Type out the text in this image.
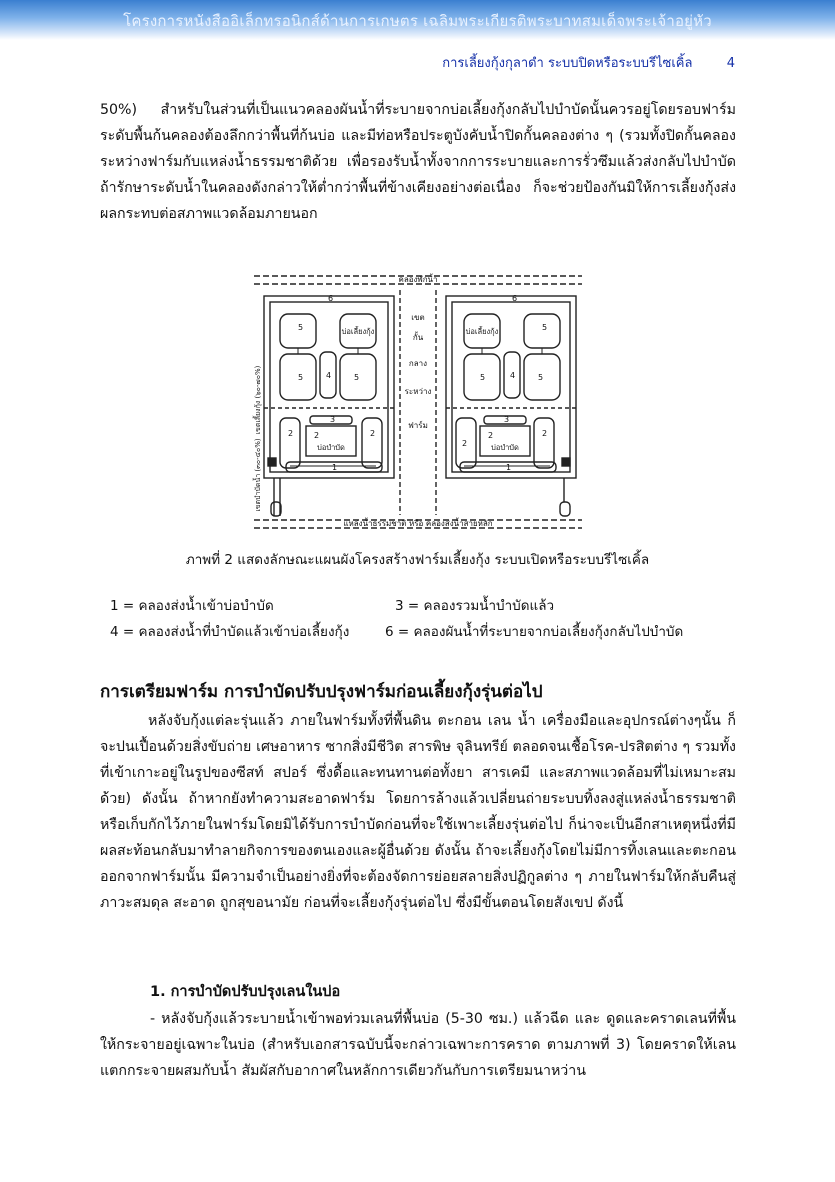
โครงการหนังสืออิเล็กทรอนิกส์ด้านการเกษตร เฉลิมพระเกียรติพระบาทสมเด็จพระเจ้าอยู่หัว
การเลี้ยงกุ้งกุลาดำ ระบบปิดหรือระบบรีไซเคิ้ล	4

50%) สำหรับในส่วนที่เป็นแนวคลองผันน้ำที่ระบายจากบ่อเลี้ยงกุ้งกลับไปบำบัดนั้นควรอยู่โดยรอบฟาร์ม ระดับพื้นก้นคลองต้องลึกกว่าพื้นที่ก้นบ่อ และมีท่อหรือประตูบังคับน้ำปิดกั้นคลองต่าง ๆ (รวมทั้งปิดกั้นคลองระหว่างฟาร์มกับแหล่งน้ำธรรมชาติด้วย เพื่อรองรับน้ำทั้งจากการระบายและการรั่วซึมแล้วส่งกลับไปบำบัด ถ้ารักษาระดับน้ำในคลองดังกล่าวให้ต่ำกว่าพื้นที่ข้างเคียงอย่างต่อเนื่อง ก็จะช่วยป้องกันมิให้การเลี้ยงกุ้งส่งผลกระทบต่อสภาพแวดล้อมภายนอก

คลองพักน้ำ
แหล่งน้ำธรรมชาติ หรือ คลองส่งน้ำสายหลัก
เขต
กั้น
กลาง
ระหว่าง
ฟาร์ม
เขตเลี้ยงกุ้ง (๖๐-๗๐%)
เขตบำบัดน้ำ (๓๐-๔๐%)
บ่อเลี้ยงกุ้ง	บ่อเลี้ยงกุ้ง
บ่อบำบัด	บ่อบำบัด
5
5	5
4
6
2	2
2
3
1
5
5	5
4
6
2
2
2
3
1
ภาพที่ 2 แสดงลักษณะแผนผังโครงสร้างฟาร์มเลี้ยงกุ้ง ระบบเปิดหรือระบบรีไซเคิ้ล
1 = คลองส่งน้ำเข้าบ่อบำบัด	3 = คลองรวมน้ำบำบัดแล้ว
4 = คลองส่งน้ำที่บำบัดแล้วเข้าบ่อเลี้ยงกุ้ง	6 = คลองผันน้ำที่ระบายจากบ่อเลี้ยงกุ้งกลับไปบำบัด
การเตรียมฟาร์ม การบำบัดปรับปรุงฟาร์มก่อนเลี้ยงกุ้งรุ่นต่อไป

หลังจับกุ้งแต่ละรุ่นแล้ว ภายในฟาร์มทั้งที่พื้นดิน ตะกอน เลน น้ำ เครื่องมือและอุปกรณ์ต่างๆนั้น ก็จะปนเปื้อนด้วยสิ่งขับถ่าย เศษอาหาร ซากสิ่งมีชีวิต สารพิษ จุลินทรีย์ ตลอดจนเชื้อโรค-ปรสิตต่าง ๆ รวมทั้งที่เข้าเกาะอยู่ในรูปของซีสท์ สปอร์ ซึ่งดื้อและทนทานต่อทั้งยา สารเคมี และสภาพแวดล้อมที่ไม่เหมาะสมด้วย) ดังนั้น ถ้าหากยังทำความสะอาดฟาร์ม โดยการล้างแล้วเปลี่ยนถ่ายระบบทิ้งลงสู่แหล่งน้ำธรรมชาติหรือเก็บกักไว้ภายในฟาร์มโดยมิได้รับการบำบัดก่อนที่จะใช้เพาะเลี้ยงรุ่นต่อไป ก็น่าจะเป็นอีกสาเหตุหนึ่งที่มีผลสะท้อนกลับมาทำลายกิจการของตนเองและผู้อื่นด้วย ดังนั้น ถ้าจะเลี้ยงกุ้งโดยไม่มีการทิ้งเลนและตะกอนออกจากฟาร์มนั้น มีความจำเป็นอย่างยิ่งที่จะต้องจัดการย่อยสลายสิ่งปฏิกูลต่าง ๆ ภายในฟาร์มให้กลับคืนสู่ภาวะสมดุล สะอาด ถูกสุขอนามัย ก่อนที่จะเลี้ยงกุ้งรุ่นต่อไป ซึ่งมีขั้นตอนโดยสังเขป ดังนี้

1. การบำบัดปรับปรุงเลนในบ่อ

- หลังจับกุ้งแล้วระบายน้ำเข้าพอท่วมเลนที่พื้นบ่อ (5-30 ซม.) แล้วฉีด และ ดูดและคราดเลนที่พื้นให้กระจายอยู่เฉพาะในบ่อ (สำหรับเอกสารฉบับนี้จะกล่าวเฉพาะการคราด ตามภาพที่ 3) โดยคราดให้เลนแตกกระจายผสมกับน้ำ สัมผัสกับอากาศในหลักการเดียวกันกับการเตรียมนาหว่าน
